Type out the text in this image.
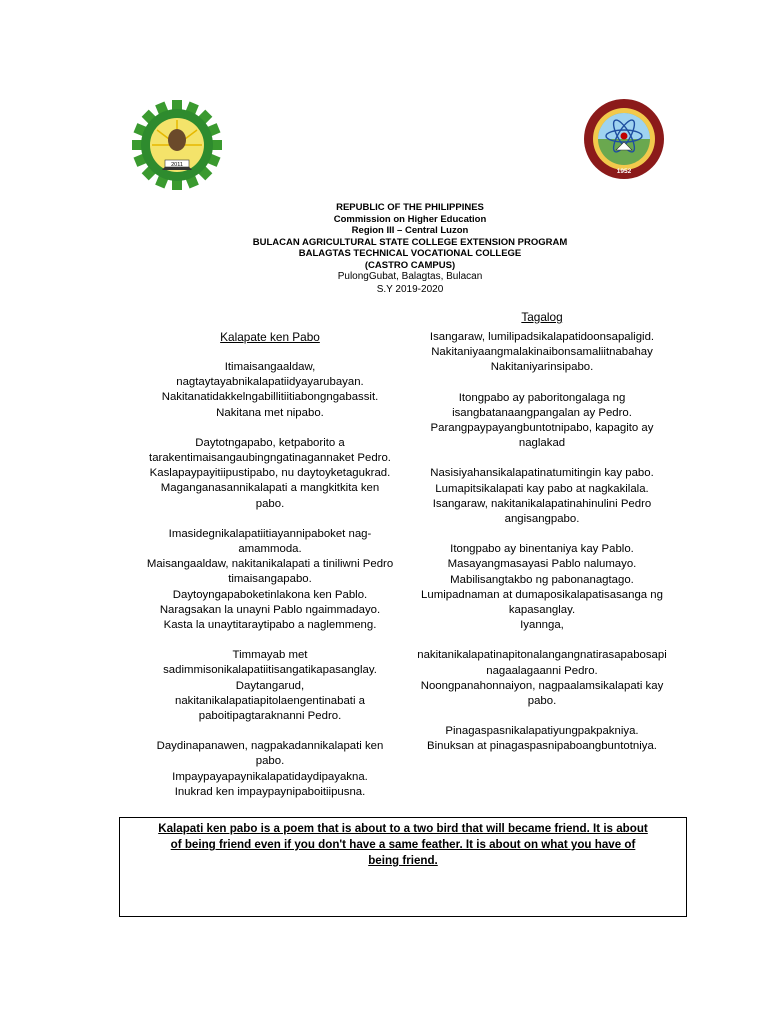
2011
1952
REPUBLIC OF THE PHILIPPINES
Commission on Higher Education
Region III – Central Luzon
BULACAN AGRICULTURAL STATE COLLEGE EXTENSION PROGRAM
BALAGTAS TECHNICAL VOCATIONAL COLLEGE
(CASTRO CAMPUS)
PulongGubat, Balagtas, Bulacan
S.Y 2019-2020
Kalapate ken Pabo
Itimaisangaaldaw,
nagtaytayabnikalapatiidyayarubayan.
Nakitanatidakkelngabillitiitiabongngabassit.
Nakitana met nipabo.
Daytotngapabo, ketpaborito a
tarakentimaisangaubingngatinagannaket Pedro.
Kaslapaypayitiipustipabo, nu daytoyketagukrad.
Maganganasannikalapati a mangkitkita ken
pabo.
Imasidegnikalapatiitiayannipaboket nag-
amammoda.
Maisangaaldaw, nakitanikalapati a tiniliwni Pedro
timaisangapabo.
Daytoyngapaboketinlakona ken Pablo.
Naragsakan la unayni Pablo ngaimmadayo.
Kasta la unaytitaraytipabo a naglemmeng.
Timmayab met
sadimmisonikalapatiitisangatikapasanglay.
Daytangarud,
nakitanikalapatiapitolaengentinabati a
paboitipagtaraknanni Pedro.
Daydinapanawen, nagpakadannikalapati ken
pabo.
Impaypayapaynikalapatidaydipayakna.
Inukrad ken impaypaynipaboitiipusna.
Tagalog
Isangaraw, lumilipadsikalapatidoonsapaligid.
Nakitaniyaangmalakinaibonsamaliitnabahay
Nakitaniyarinsipabo.
Itongpabo ay paboritongalaga ng
isangbatanaangpangalan ay Pedro.
Parangpaypayangbuntotnipabo, kapagito ay
naglakad
Nasisiyahansikalapatinatumitingin kay pabo.
Lumapitsikalapati kay pabo at nagkakilala.
Isangaraw, nakitanikalapatinahinulini Pedro
angisangpabo.
Itongpabo ay binentaniya kay Pablo.
Masayangmasayasi Pablo nalumayo.
Mabilisangtakbo ng pabonanagtago.
Lumipadnaman at dumaposikalapatisasanga ng
kapasanglay.
Iyannga,
nakitanikalapatinapitonalangangnatirasapabosapi
nagaalagaanni Pedro.
Noongpanahonnaiyon, nagpaalamsikalapati kay
pabo.
Pinagaspasnikalapatiyungpakpakniya.
Binuksan at pinagaspasnipaboangbuntotniya.
Kalapati ken pabo is a poem that is about to a two bird that will became friend. It is about
of being friend even if you don't have a same feather. It is about on what you have of
being friend.
